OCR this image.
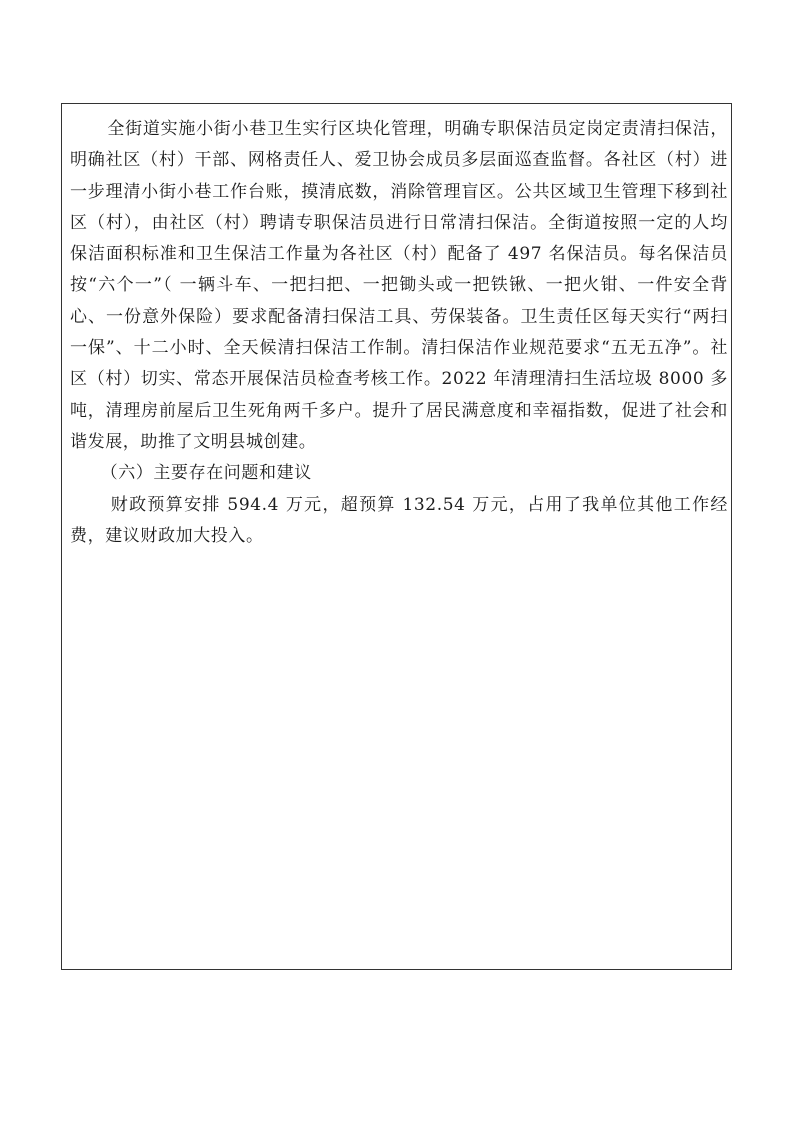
全街道实施小街小巷卫生实行区块化管理，明确专职保洁员定岗定责清扫保洁，明确社区（村）干部、网格责任人、爱卫协会成员多层面巡查监督。各社区（村）进一步理清小街小巷工作台账，摸清底数，消除管理盲区。公共区域卫生管理下移到社区（村），由社区（村）聘请专职保洁员进行日常清扫保洁。全街道按照一定的人均保洁面积标准和卫生保洁工作量为各社区（村）配备了 497 名保洁员。每名保洁员按“六个一”（ 一辆斗车、一把扫把、一把锄头或一把铁锹、一把火钳、一件安全背心、一份意外保险）要求配备清扫保洁工具、劳保装备。卫生责任区每天实行“两扫一保”、十二小时、全天候清扫保洁工作制。清扫保洁作业规范要求“五无五净”。社区（村）切实、常态开展保洁员检查考核工作。2022 年清理清扫生活垃圾 8000 多吨，清理房前屋后卫生死角两千多户。提升了居民满意度和幸福指数，促进了社会和谐发展，助推了文明县城创建。

（六）主要存在问题和建议

财政预算安排 594.4 万元，超预算 132.54 万元，占用了我单位其他工作经费，建议财政加大投入。
